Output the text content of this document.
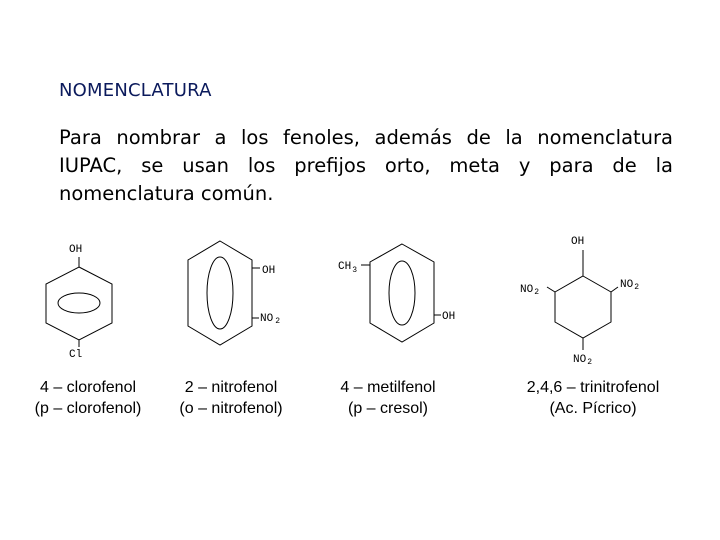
NOMENCLATURA
Para nombrar a los fenoles, además de la nomenclatura IUPAC, se usan los prefijos orto, meta y para de la nomenclatura común.
OH
Cl
OH
NO 2
$CH_3$
OH
OH
NO2
NO2
NO2
4 – clorofenol
(p – clorofenol)
2 – nitrofenol
(o – nitrofenol)
4 – metilfenol
(p – cresol)
2,4,6 – trinitrofenol
(Ac. Pícrico)
